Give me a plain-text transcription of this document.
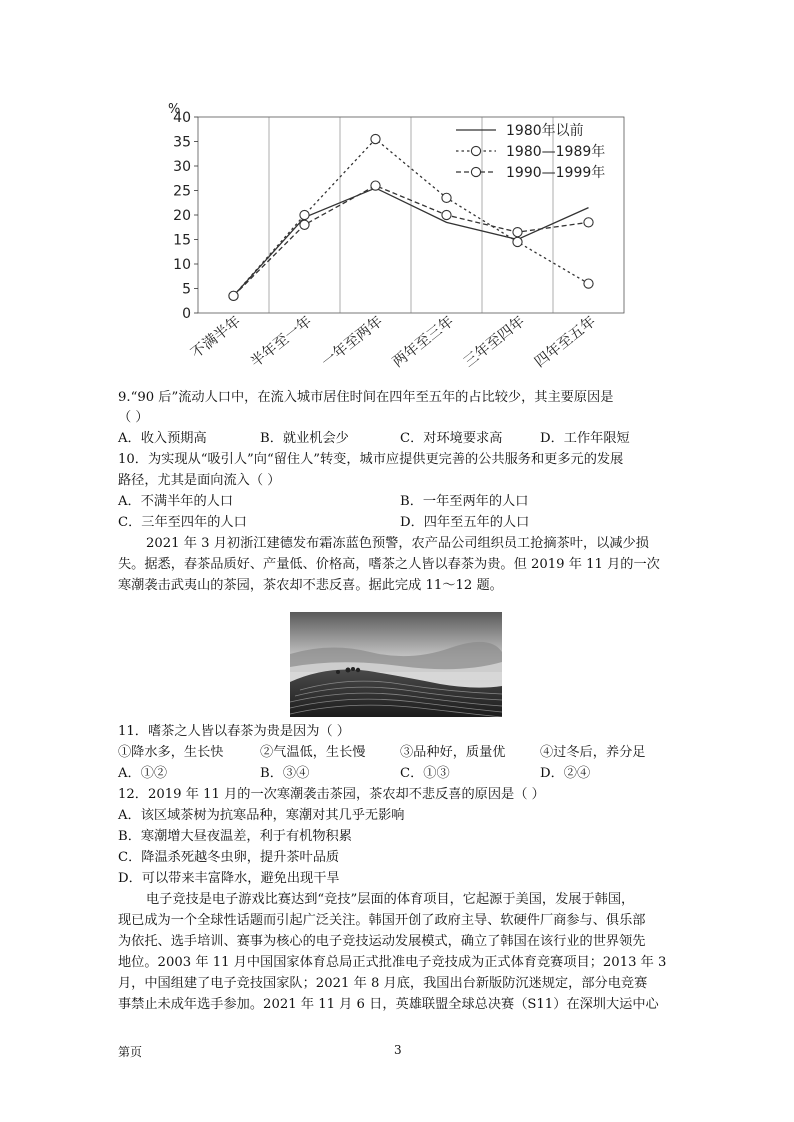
0
5
10
15
20
25
30
35
40
%
不满半年 半年至一年 一年至两年 两年至三年 三年至四年 四年至五年
1980年以前
1980—1989年
1990—1999年
9.“90 后”流动人口中，在流入城市居住时间在四年至五年的占比较少，其主要原因是
（ ）
A．收入预期高	B．就业机会少	C．对环境要求高	D．工作年限短
10．为实现从“吸引人”向“留住人”转变，城市应提供更完善的公共服务和更多元的发展
路径，尤其是面向流入（ ）
A．不满半年的人口	B．一年至两年的人口
C．三年至四年的人口	D．四年至五年的人口
2021 年 3 月初浙江建德发布霜冻蓝色预警，农产品公司组织员工抢摘茶叶，以减少损
失。据悉，春茶品质好、产量低、价格高，嗜茶之人皆以春茶为贵。但 2019 年 11 月的一次
寒潮袭击武夷山的茶园，茶农却不悲反喜。据此完成 11～12 题。
11．嗜茶之人皆以春茶为贵是因为（ ）
①降水多，生长快	②气温低，生长慢	③品种好，质量优	④过冬后，养分足
A．①②	B．③④	C．①③	D．②④
12．2019 年 11 月的一次寒潮袭击茶园，茶农却不悲反喜的原因是（ ）
A．该区域茶树为抗寒品种，寒潮对其几乎无影响
B．寒潮增大昼夜温差，利于有机物积累
C．降温杀死越冬虫卵，提升茶叶品质
D．可以带来丰富降水，避免出现干旱
电子竞技是电子游戏比赛达到“竞技”层面的体育项目，它起源于美国，发展于韩国，
现已成为一个全球性话题而引起广泛关注。韩国开创了政府主导、软硬件厂商参与、俱乐部
为依托、选手培训、赛事为核心的电子竞技运动发展模式，确立了韩国在该行业的世界领先
地位。2003 年 11 月中国国家体育总局正式批准电子竞技成为正式体育竞赛项目；2013 年 3
月，中国组建了电子竞技国家队；2021 年 8 月底，我国出台新版防沉迷规定，部分电竞赛
事禁止未成年选手参加。2021 年 11 月 6 日，英雄联盟全球总决赛（S11）在深圳大运中心
第页	3
